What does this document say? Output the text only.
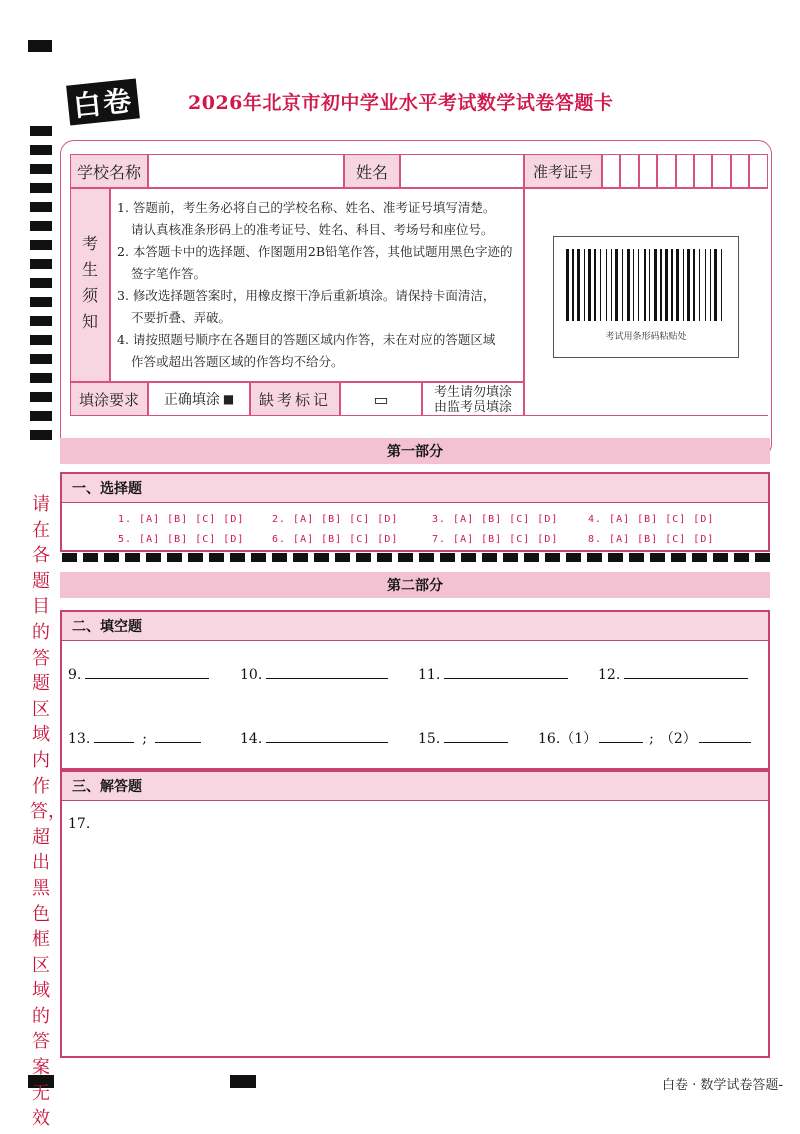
白卷	2026年北京市初中学业水平考试数学试卷答题卡
学校名称	姓名	准考证号
考
生
须
知

1. 答题前，考生务必将自己的学校名称、姓名、准考证号填写清楚。

请认真核准条形码上的准考证号、姓名、科目、考场号和座位号。

2. 本答题卡中的选择题、作图题用2B铅笔作答，其他试题用黑色字迹的

签字笔作答。

3. 修改选择题答案时，用橡皮擦干净后重新填涂。请保持卡面清洁，

不要折叠、弄破。

4. 请按照题号顺序在各题目的答题区域内作答，未在对应的答题区域

作答或超出答题区域的作答均不给分。

考试用条形码粘贴处
填涂要求	正确填涂 ■	缺考标记	▭	考生请勿填涂
由监考员填涂
第一部分
一、选择题
1. [A] [B] [C] [D]	2. [A] [B] [C] [D]	3. [A] [B] [C] [D]	4. [A] [B] [C] [D]
5. [A] [B] [C] [D]	6. [A] [B] [C] [D]	7. [A] [B] [C] [D]	8. [A] [B] [C] [D]
第二部分
二、填空题
9.	10.	11.	12.
13.	;	14.	15.	16.（1）	; （2）
三、解答题
17.
请在各题目的答题区域内作答，超出黑色框区域的答案无效
白卷 · 数学试卷答题-
